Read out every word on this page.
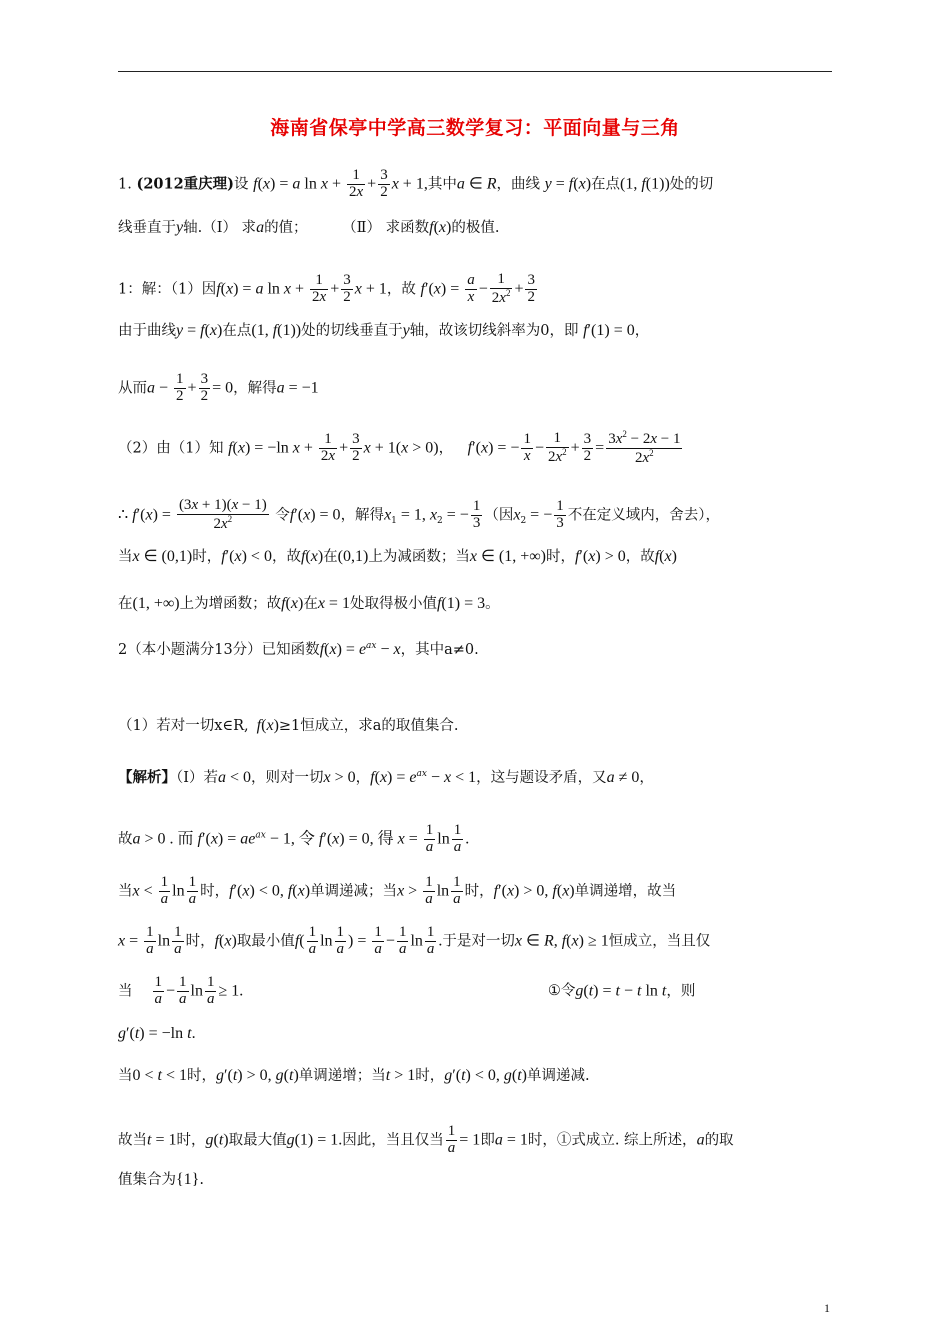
海南省保亭中学高三数学复习：平面向量与三角
1. (2012重庆理)设 f(x) = a $\ln x + \frac{1}{2x} + \frac{3}{2}$ x + 1,其中a ∈ R，曲线 y = f(x)在点(1, f(1))处的切
线垂直于y轴.（Ⅰ） 求a的值； （Ⅱ） 求函数f(x)的极值.
1：解：（1）因f(x) = a $\ln x + \frac{1}{2x} + \frac{3}{2}$ x + 1，故 $f'(x) = \frac{a}{x} - \frac{1}{2x^2} + \frac{3}{2}$
由于曲线y = f(x)在点(1, f(1))处的切线垂直于y轴，故该切线斜率为0，即 f′(1) = 0，
从而$a - \frac{1}{2} + \frac{3}{2} = 0$，解得a = −1
（2）由（1）知 f(x) = −ln $x + \frac{1}{2x} + \frac{3}{2}$ x + 1(x > 0)， f′(x) = − $\frac{1}{x} - \frac{1}{2x^2} + \frac{3}{2} = \frac{3x^2 - 2x - 1}{2x^2}$
∴ $f'(x) = \frac{(3x + 1)(x - 1)}{2x^2}$ 令f′(x) = 0，解得$x_1 = 1$, $x_2$ = − $\frac{1}{3}$ （因$x_2$ = − $\frac{1}{3}$ 不在定义域内，舍去），
当x ∈ (0,1)时，f′(x) < 0，故f(x)在(0,1)上为减函数；当x ∈ (1, +∞)时，f′(x) > 0，故f(x)
在(1, +∞)上为增函数；故f(x)在x = 1处取得极小值f(1) = 3。
2（本小题满分13分）已知函数$f(x) = e^{ax} - x$，其中a≠0.
（1）若对一切x∈R, f(x)≥1恒成立，求a的取值集合.
【解析】（Ⅰ）若a < 0，则对一切x > 0，$f(x) = e^{ax} - x < 1$，这与题设矛盾，又a ≠ 0，
故a > 0 . 而 $f'(x) = ae^{ax} - 1$, 令 f′(x) = 0, 得 $x = \frac{1}{a}$ $\ln \frac{1}{a}$ .
当$x < \frac{1}{a}$ $\ln \frac{1}{a}$ 时，f′(x) < 0, f(x)单调递减；当$x > \frac{1}{a}$ $\ln \frac{1}{a}$ 时，f′(x) > 0, f(x)单调递增，故当
$x = \frac{1}{a}$ $\ln \frac{1}{a}$ 时，f(x)取最小值$f( \frac{1}{a}$ $\ln \frac{1}{a}$ ) = $\frac{1}{a} - \frac{1}{a}$ $\ln \frac{1}{a}$ .于是对一切x ∈ R, f(x) ≥ 1恒成立，当且仅
当 $\frac{1}{a} - \frac{1}{a}$ $\ln \frac{1}{a} \ge 1$.	①令g(t) = t − t ln t，则
g′(t) = −ln t.
当0 < t < 1时，g′(t) > 0, g(t)单调递增；当t > 1时，g′(t) < 0, g(t)单调递减.
故当t = 1时，g(t)取最大值g(1) = 1.因此，当且仅当 $\frac{1}{a} = 1$即a = 1时，①式成立. 综上所述，a的取
值集合为{1}.
1
